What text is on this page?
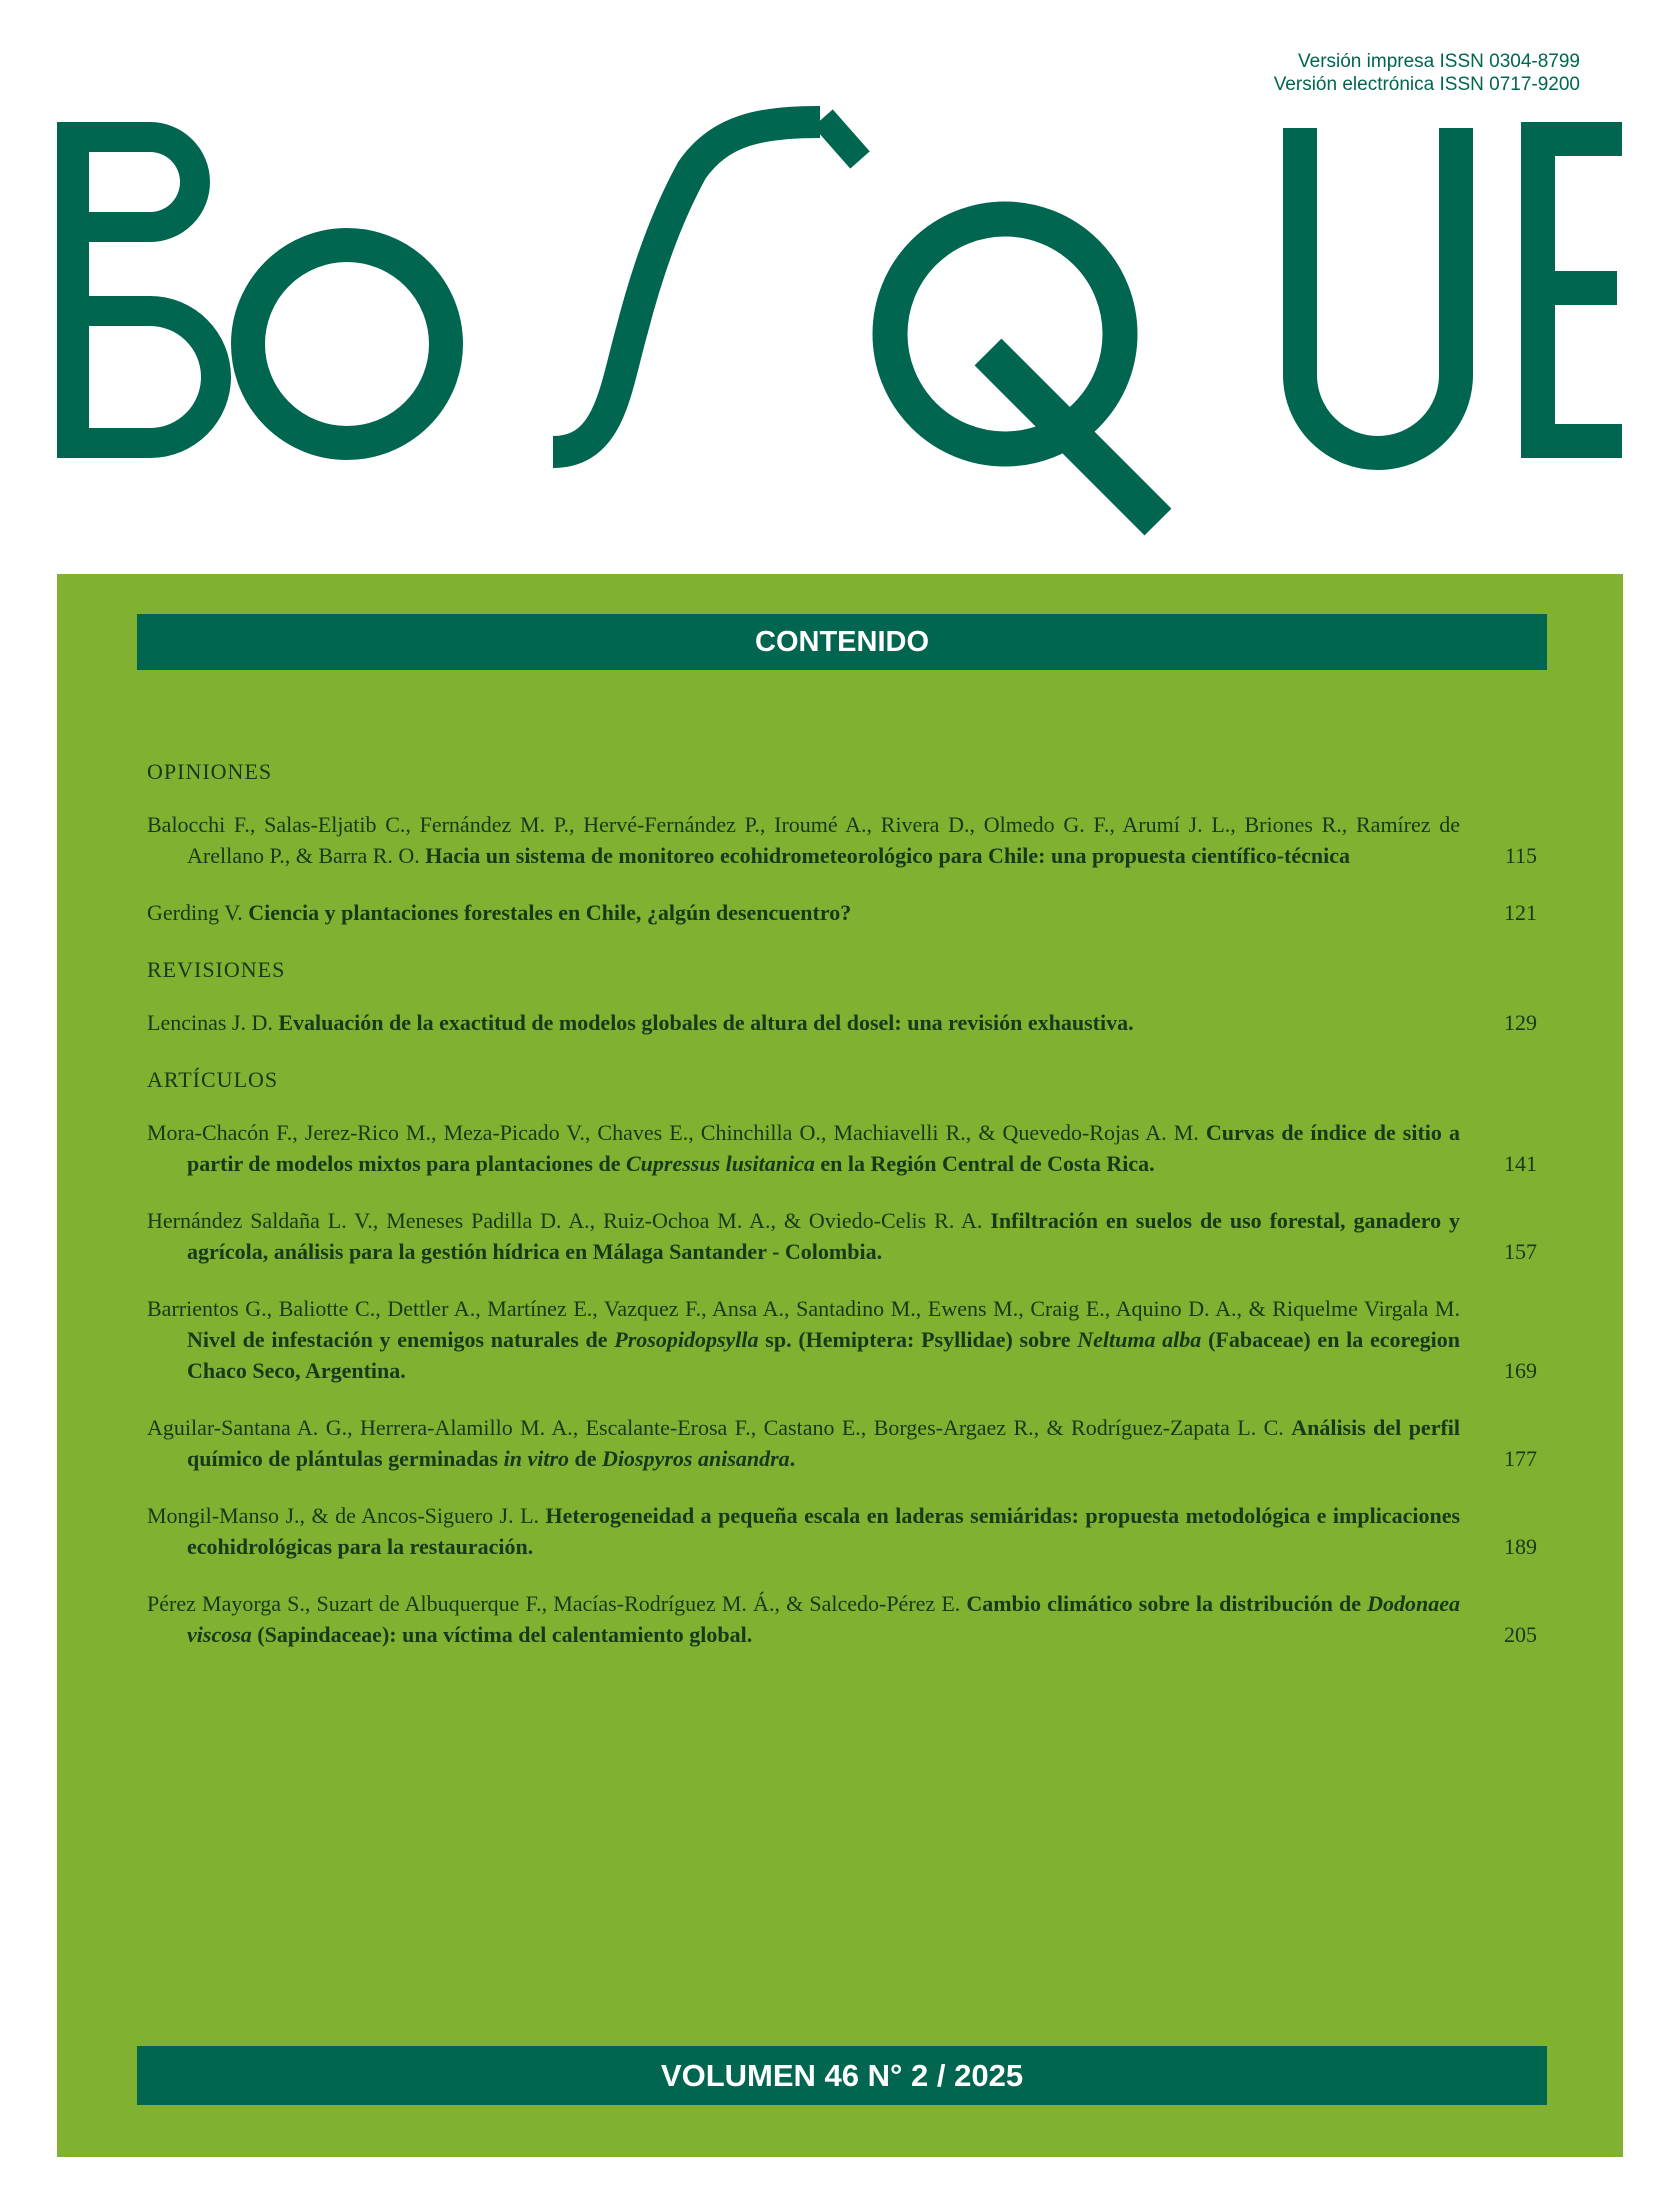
Versión impresa ISSN 0304-8799
Versión electrónica ISSN 0717-9200
CONTENIDO
OPINIONES
Balocchi F., Salas-Eljatib C., Fernández M. P., Hervé-Fernández P., Iroumé A., Rivera D., Olmedo G. F., Arumí J. L., Briones R., Ramírez de Arellano P., & Barra R. O. Hacia un sistema de monitoreo ecohidrometeorológico para Chile: una propuesta científico-técnica	115
Gerding V. Ciencia y plantaciones forestales en Chile, ¿algún desencuentro?	121
REVISIONES
Lencinas J. D. Evaluación de la exactitud de modelos globales de altura del dosel: una revisión exhaustiva.	129
ARTÍCULOS
Mora-Chacón F., Jerez-Rico M., Meza-Picado V., Chaves E., Chinchilla O., Machiavelli R., & Quevedo-Rojas A. M. Curvas de índice de sitio a partir de modelos mixtos para plantaciones de Cupressus lusitanica en la Región Central de Costa Rica.	141
Hernández Saldaña L. V., Meneses Padilla D. A., Ruiz-Ochoa M. A., & Oviedo-Celis R. A. Infiltración en suelos de uso forestal, ganadero y agrícola, análisis para la gestión hídrica en Málaga Santander - Colombia.	157
Barrientos G., Baliotte C., Dettler A., Martínez E., Vazquez F., Ansa A., Santadino M., Ewens M., Craig E., Aquino D. A., & Riquelme Virgala M. Nivel de infestación y enemigos naturales de Prosopidopsylla sp. (Hemiptera: Psyllidae) sobre Neltuma alba (Fabaceae) en la ecoregion Chaco Seco, Argentina.	169
Aguilar-Santana A. G., Herrera-Alamillo M. A., Escalante-Erosa F., Castano E., Borges-Argaez R., & Rodríguez-Zapata L. C. Análisis del perfil químico de plántulas germinadas in vitro de Diospyros anisandra.	177
Mongil-Manso J., & de Ancos-Siguero J. L. Heterogeneidad a pequeña escala en laderas semiáridas: propuesta metodológica e implicaciones ecohidrológicas para la restauración.	189
Pérez Mayorga S., Suzart de Albuquerque F., Macías-Rodríguez M. Á., & Salcedo-Pérez E. Cambio climático sobre la distribución de Dodonaea viscosa (Sapindaceae): una víctima del calentamiento global.	205
VOLUMEN 46 N° 2 / 2025
